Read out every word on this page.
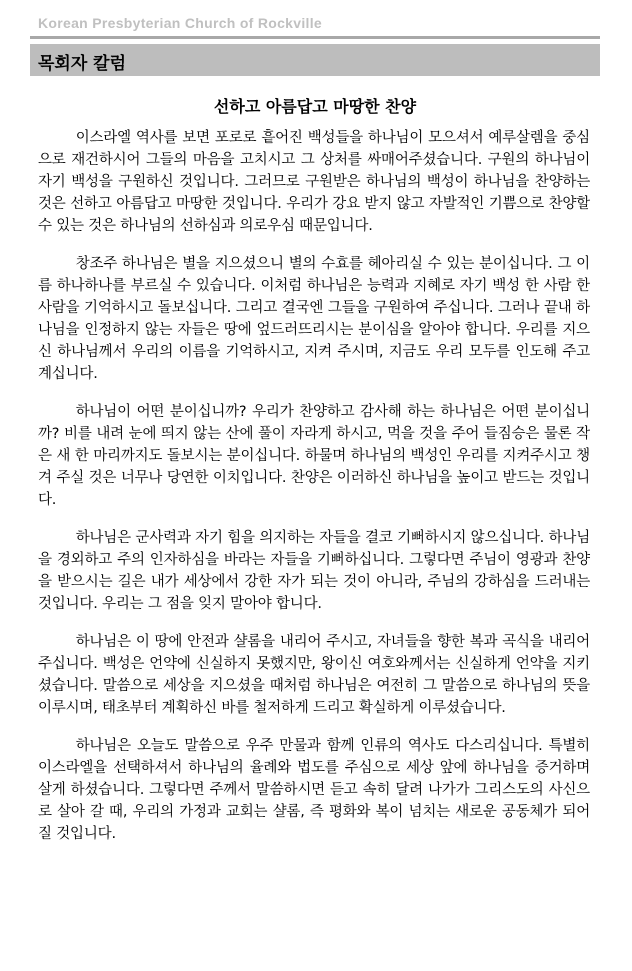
Korean Presbyterian Church of Rockville
목회자 칼럼
선하고 아름답고 마땅한 찬양

이스라엘 역사를 보면 포로로 흩어진 백성들을 하나님이 모으셔서 예루살렘을 중심으로 재건하시어 그들의 마음을 고치시고 그 상처를 싸매어주셨습니다. 구원의 하나님이 자기 백성을 구원하신 것입니다. 그러므로 구원받은 하나님의 백성이 하나님을 찬양하는 것은 선하고 아름답고 마땅한 것입니다. 우리가 강요 받지 않고 자발적인 기쁨으로 찬양할 수 있는 것은 하나님의 선하심과 의로우심 때문입니다.

창조주 하나님은 별을 지으셨으니 별의 수효를 헤아리실 수 있는 분이십니다. 그 이름 하나하나를 부르실 수 있습니다. 이처럼 하나님은 능력과 지혜로 자기 백성 한 사람 한 사람을 기억하시고 돌보십니다. 그리고 결국엔 그들을 구원하여 주십니다. 그러나 끝내 하나님을 인정하지 않는 자들은 땅에 엎드러뜨리시는 분이심을 알아야 합니다. 우리를 지으신 하나님께서 우리의 이름을 기억하시고, 지켜 주시며, 지금도 우리 모두를 인도해 주고 계십니다.

하나님이 어떤 분이십니까? 우리가 찬양하고 감사해 하는 하나님은 어떤 분이십니까? 비를 내려 눈에 띄지 않는 산에 풀이 자라게 하시고, 먹을 것을 주어 들짐승은 물론 작은 새 한 마리까지도 돌보시는 분이십니다. 하물며 하나님의 백성인 우리를 지켜주시고 챙겨 주실 것은 너무나 당연한 이치입니다. 찬양은 이러하신 하나님을 높이고 받드는 것입니다.

하나님은 군사력과 자기 힘을 의지하는 자들을 결코 기뻐하시지 않으십니다. 하나님을 경외하고 주의 인자하심을 바라는 자들을 기뻐하십니다. 그렇다면 주님이 영광과 찬양을 받으시는 길은 내가 세상에서 강한 자가 되는 것이 아니라, 주님의 강하심을 드러내는 것입니다. 우리는 그 점을 잊지 말아야 합니다.

하나님은 이 땅에 안전과 샬롬을 내리어 주시고, 자녀들을 향한 복과 곡식을 내리어 주십니다. 백성은 언약에 신실하지 못했지만, 왕이신 여호와께서는 신실하게 언약을 지키셨습니다. 말씀으로 세상을 지으셨을 때처럼 하나님은 여전히 그 말씀으로 하나님의 뜻을 이루시며, 태초부터 계획하신 바를 철저하게 드리고 확실하게 이루셨습니다.

하나님은 오늘도 말씀으로 우주 만물과 함께 인류의 역사도 다스리십니다. 특별히 이스라엘을 선택하셔서 하나님의 율례와 법도를 주심으로 세상 앞에 하나님을 증거하며 살게 하셨습니다. 그렇다면 주께서 말씀하시면 듣고 속히 달려 나가가 그리스도의 사신으로 살아 갈 때, 우리의 가정과 교회는 샬롬, 즉 평화와 복이 넘치는 새로운 공동체가 되어 질 것입니다.
